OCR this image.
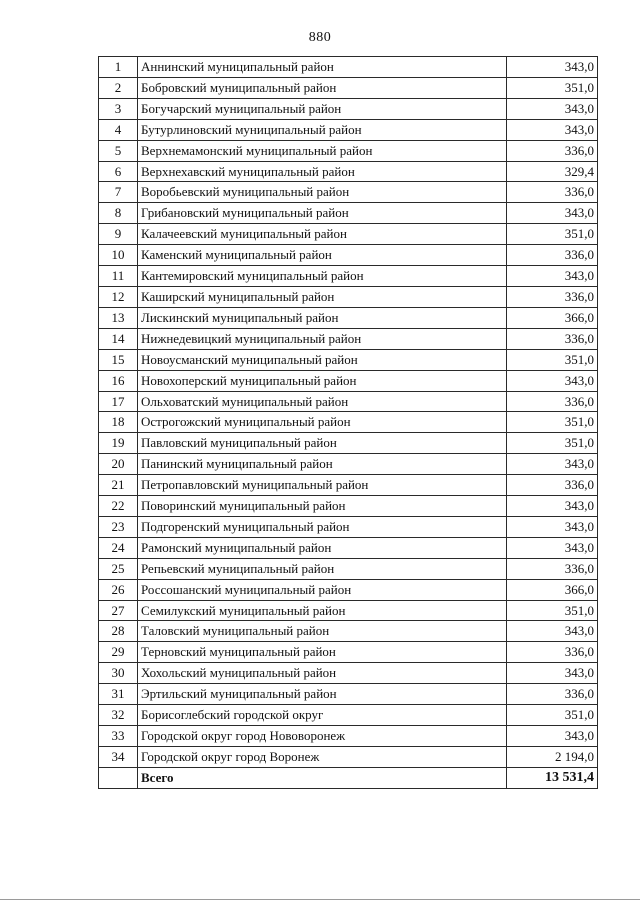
880
1	Аннинский муниципальный район	343,0
2	Бобровский муниципальный район	351,0
3	Богучарский муниципальный район	343,0
4	Бутурлиновский муниципальный район	343,0
5	Верхнемамонский муниципальный район	336,0
6	Верхнехавский муниципальный район	329,4
7	Воробьевский муниципальный район	336,0
8	Грибановский муниципальный район	343,0
9	Калачеевский муниципальный район	351,0
10	Каменский муниципальный район	336,0
11	Кантемировский муниципальный район	343,0
12	Каширский муниципальный район	336,0
13	Лискинский муниципальный район	366,0
14	Нижнедевицкий муниципальный район	336,0
15	Новоусманский муниципальный район	351,0
16	Новохоперский муниципальный район	343,0
17	Ольховатский муниципальный район	336,0
18	Острогожский муниципальный район	351,0
19	Павловский муниципальный район	351,0
20	Панинский муниципальный район	343,0
21	Петропавловский муниципальный район	336,0
22	Поворинский муниципальный район	343,0
23	Подгоренский муниципальный район	343,0
24	Рамонский муниципальный район	343,0
25	Репьевский муниципальный район	336,0
26	Россошанский муниципальный район	366,0
27	Семилукский муниципальный район	351,0
28	Таловский муниципальный район	343,0
29	Терновский муниципальный район	336,0
30	Хохольский муниципальный район	343,0
31	Эртильский муниципальный район	336,0
32	Борисоглебский городской округ	351,0
33	Городской округ город Нововоронеж	343,0
34	Городской округ город Воронеж	2 194,0
	Всего	13 531,4
